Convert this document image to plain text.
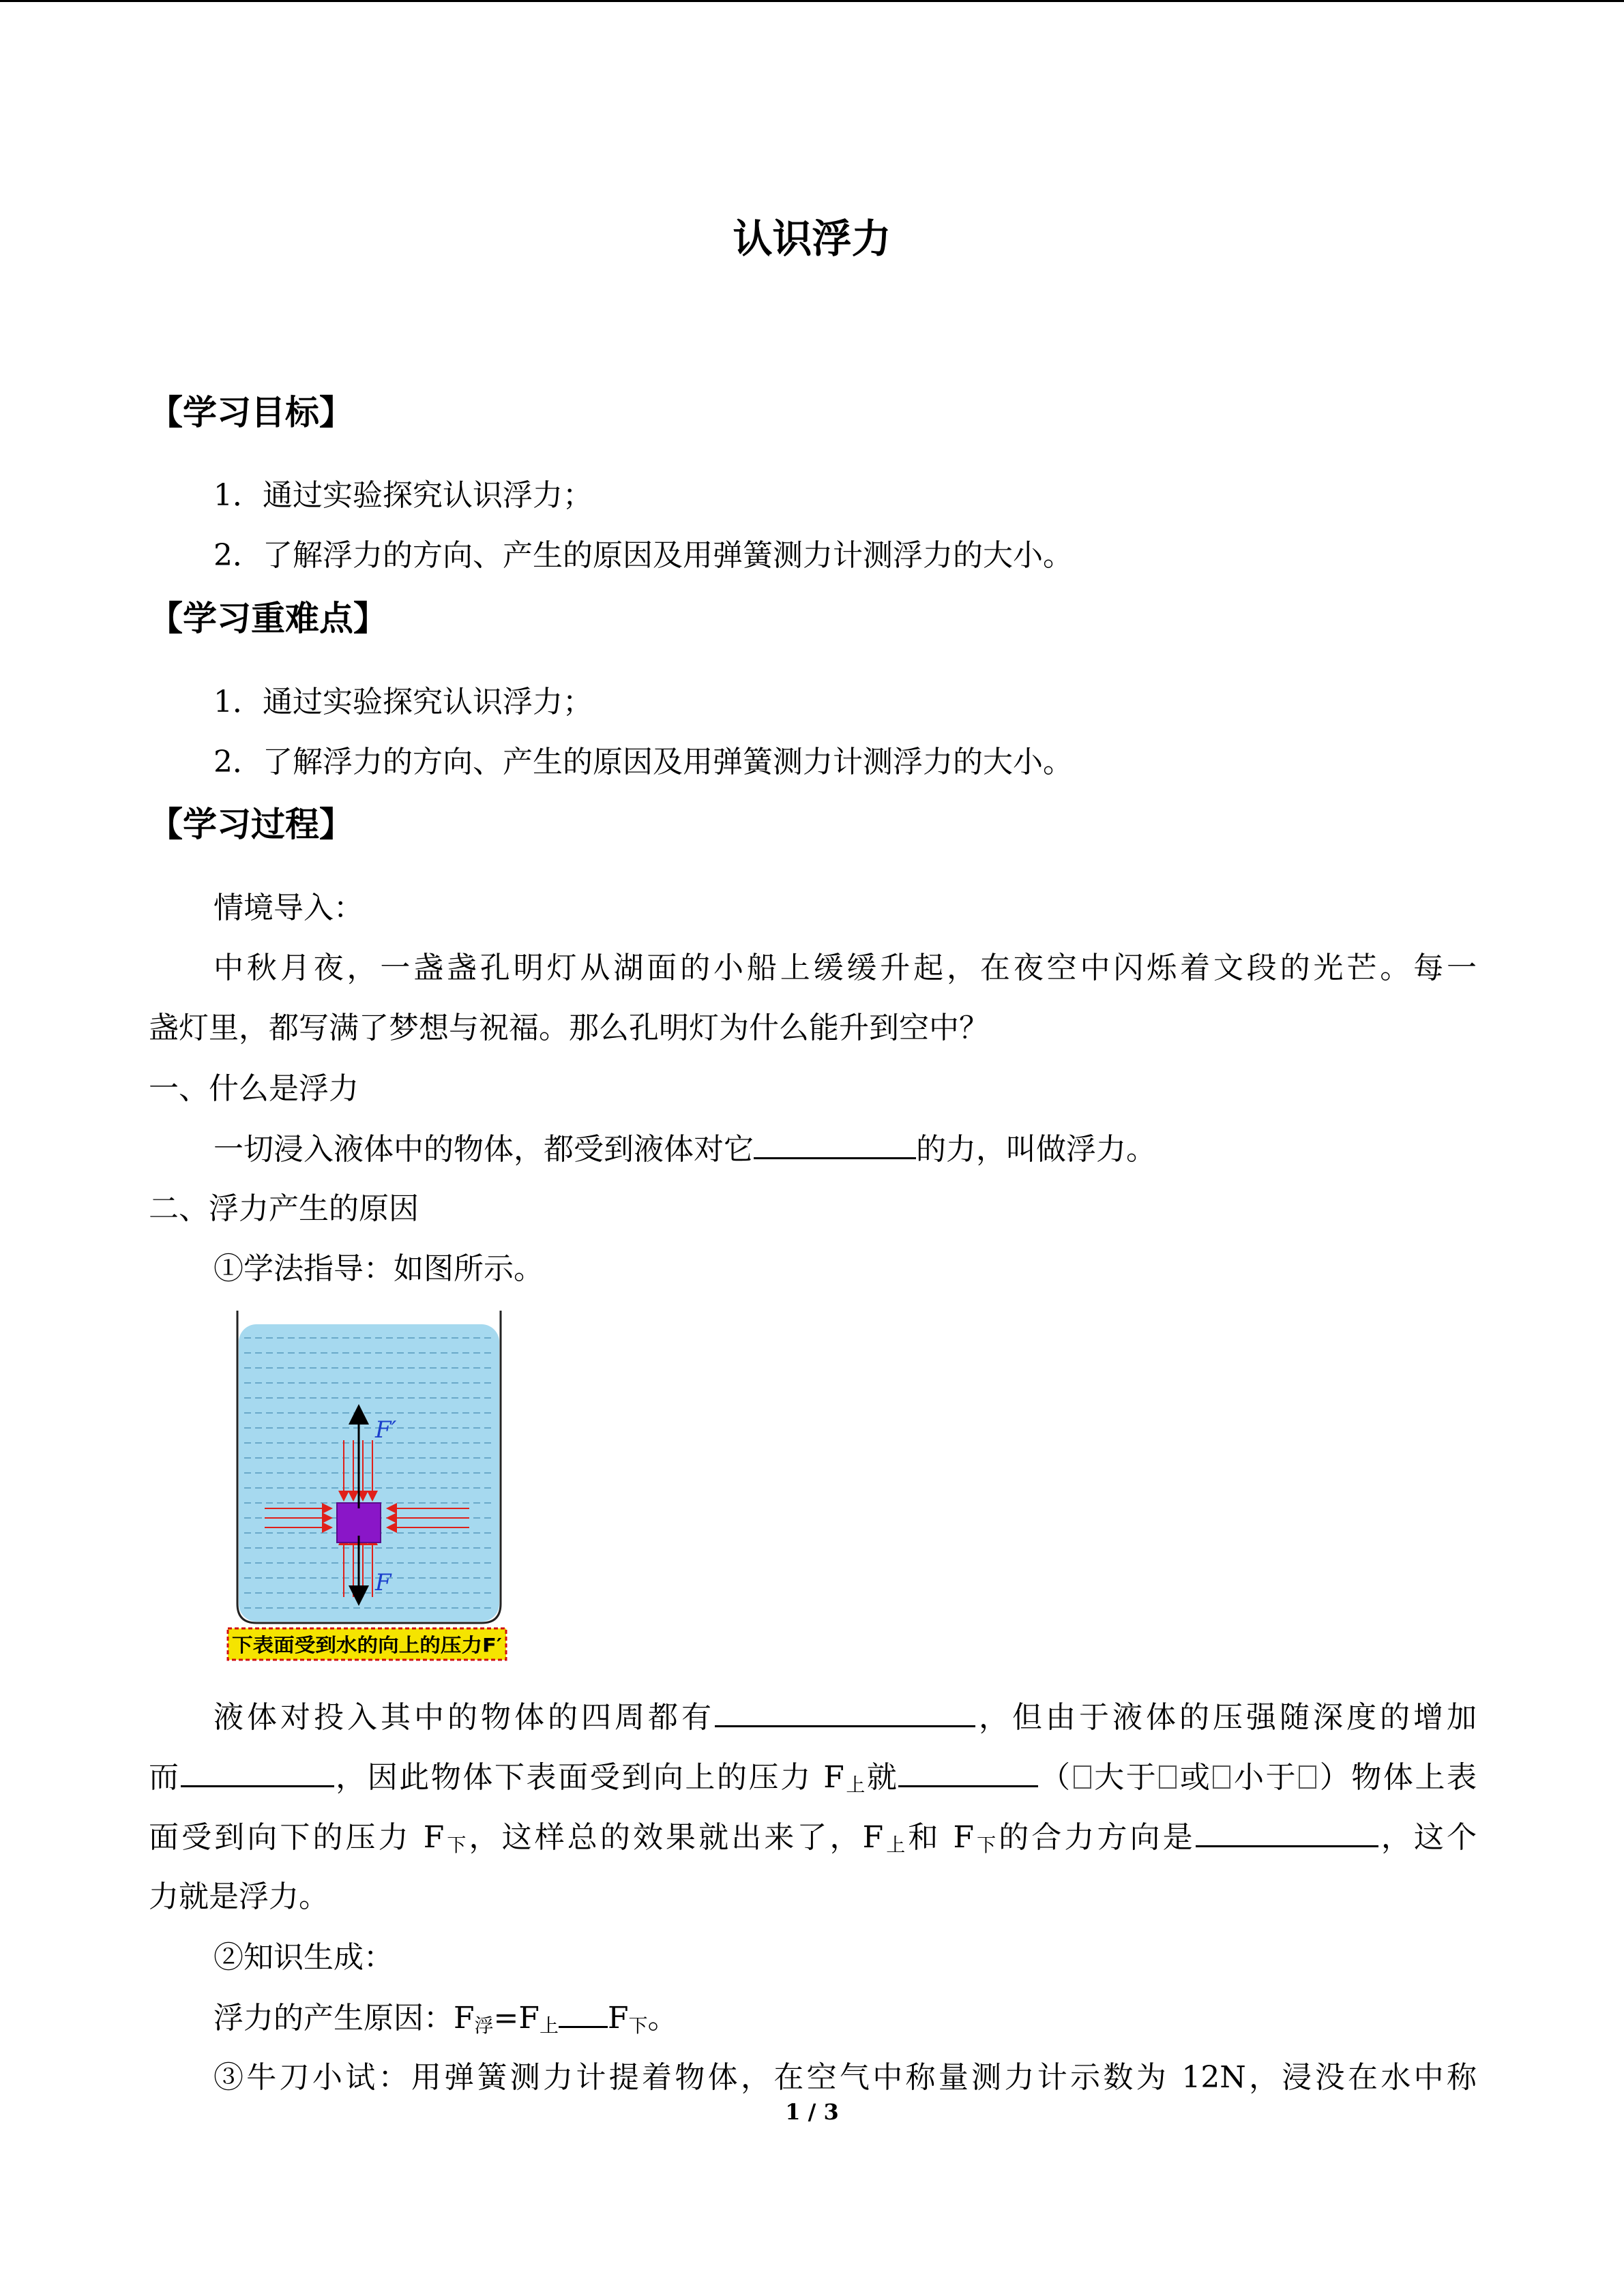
认识浮力
【学习目标】
1．通过实验探究认识浮力；
2．了解浮力的方向、产生的原因及用弹簧测力计测浮力的大小。
【学习重难点】
1．通过实验探究认识浮力；
2．了解浮力的方向、产生的原因及用弹簧测力计测浮力的大小。
【学习过程】
情境导入：
中秋月夜，一盏盏孔明灯从湖面的小船上缓缓升起，在夜空中闪烁着文段的光芒。每一
盏灯里，都写满了梦想与祝福。那么孔明灯为什么能升到空中？
一、什么是浮力
一切浸入液体中的物体，都受到液体对它	的力，叫做浮力。
二、浮力产生的原因
①学法指导：如图所示。
F′
F
下表面受到水的向上的压力F′
液体对投入其中的物体的四周都有	，但由于液体的压强随深度的增加
而	，因此物体下表面受到向上的压力 $F_上$就	（ 大于 或 小于 ）物体上表
面受到向下的压力 $F_下$，这样总的效果就出来了，$F_上$和 $F_下$的合力方向是	，这个
力就是浮力。
②知识生成：
浮力的产生原因：$F_浮=F_上$ $F_下$。
③牛刀小试：用弹簧测力计提着物体，在空气中称量测力计示数为 12N，浸没在水中称
1 / 3
